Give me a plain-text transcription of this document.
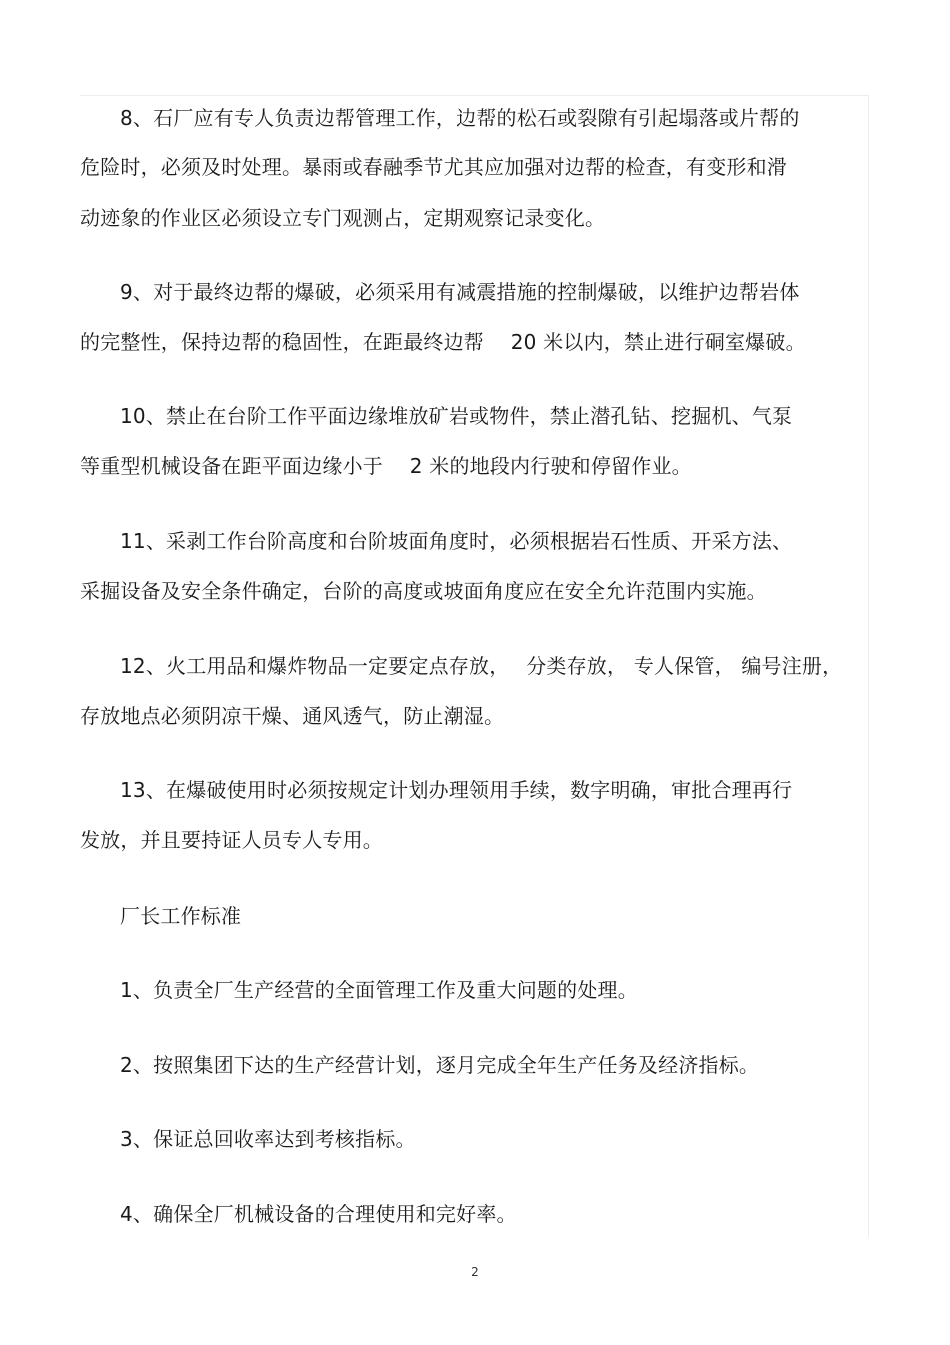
8、石厂应有专人负责边帮管理工作，边帮的松石或裂隙有引起塌落或片帮的
危险时，必须及时处理。暴雨或春融季节尤其应加强对边帮的检查，有变形和滑
动迹象的作业区必须设立专门观测占，定期观察记录变化。
9、对于最终边帮的爆破，必须采用有减震措施的控制爆破，以维护边帮岩体
的完整性，保持边帮的稳固性，在距最终边帮　 20 米以内，禁止进行硐室爆破。
10、禁止在台阶工作平面边缘堆放矿岩或物件，禁止潜孔钻、挖掘机、气泵
等重型机械设备在距平面边缘小于　 2 米的地段内行驶和停留作业。
11、采剥工作台阶高度和台阶坡面角度时，必须根据岩石性质、开采方法、
采掘设备及安全条件确定，台阶的高度或坡面角度应在安全允许范围内实施。
12、火工用品和爆炸物品一定要定点存放，　 分类存放， 专人保管， 编号注册，
存放地点必须阴凉干燥、通风透气，防止潮湿。
13、在爆破使用时必须按规定计划办理领用手续，数字明确，审批合理再行
发放，并且要持证人员专人专用。
厂长工作标准
1、负责全厂生产经营的全面管理工作及重大问题的处理。
2、按照集团下达的生产经营计划，逐月完成全年生产任务及经济指标。
3、保证总回收率达到考核指标。
4、确保全厂机械设备的合理使用和完好率。
2
